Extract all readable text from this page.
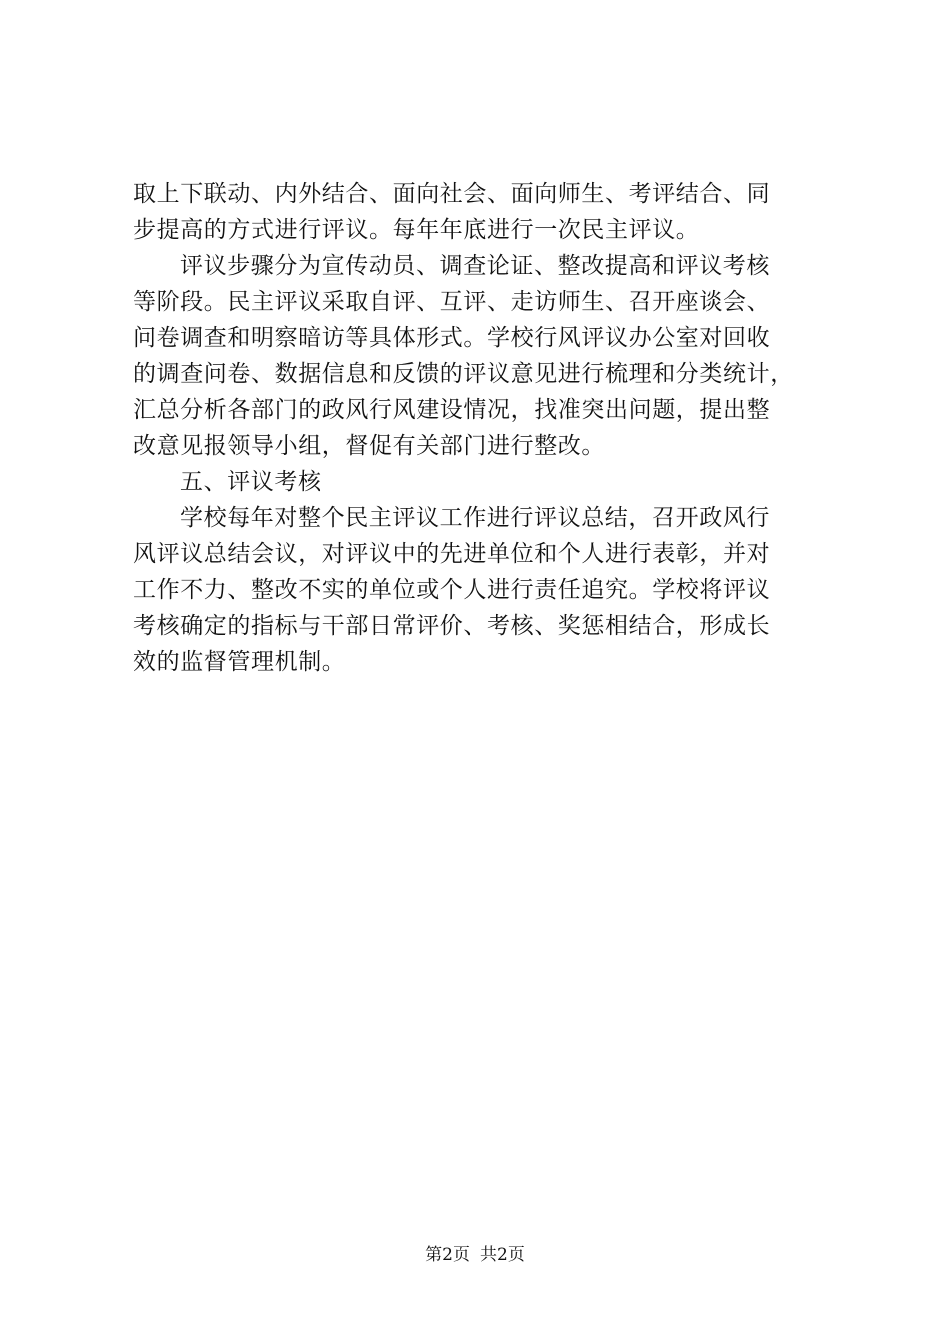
取上下联动、内外结合、面向社会、面向师生、考评结合、同
步提高的方式进行评议。每年年底进行一次民主评议。
评议步骤分为宣传动员、调查论证、整改提高和评议考核
等阶段。民主评议采取自评、互评、走访师生、召开座谈会、
问卷调查和明察暗访等具体形式。学校行风评议办公室对回收
的调查问卷、数据信息和反馈的评议意见进行梳理和分类统计，
汇总分析各部门的政风行风建设情况，找准突出问题，提出整
改意见报领导小组，督促有关部门进行整改。
五、评议考核
学校每年对整个民主评议工作进行评议总结，召开政风行
风评议总结会议，对评议中的先进单位和个人进行表彰，并对
工作不力、整改不实的单位或个人进行责任追究。学校将评议
考核确定的指标与干部日常评价、考核、奖惩相结合，形成长
效的监督管理机制。
第2页 共2页
